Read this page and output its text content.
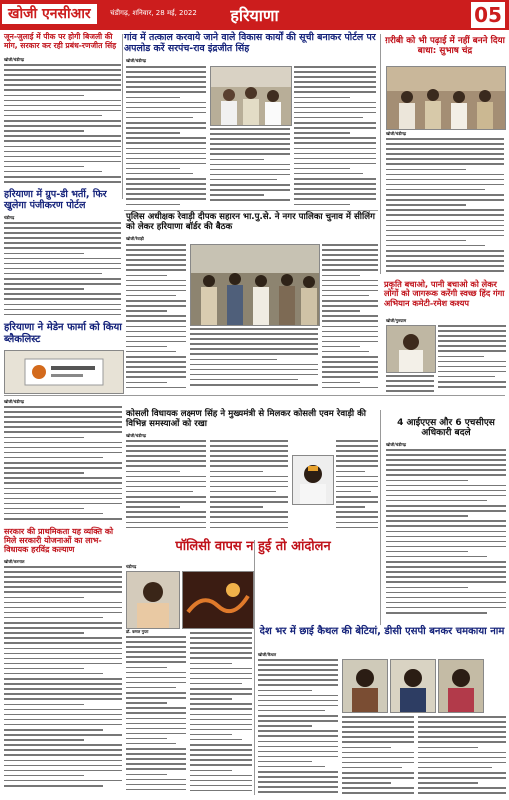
खोजी एनसीआर	चंडीगढ़, शनिवार, 28 मई, 2022	हरियाणा	05
जून-जुलाई में पीक पर होगी बिजली की मांग, सरकार कर रही प्रबंध-रणजीत सिंह
खोजी/चंडीगढ़
गांव में तत्काल करवाये जाने वाले विकास कार्यों की सूची बनाकर पोर्टल पर अपलोड करें सरपंच-राव इंद्रजीत सिंह
खोजी/चंडीगढ़
ग़रीबी को भी पढ़ाई में नहीं बनने दिया बाधा: सुभाष चंद्र
खोजी/चंडीगढ़
हरियाणा में ग्रुप-डी भर्ती, फिर खुलेगा पंजीकरण पोर्टल
चंडीगढ़	पुलिस अधीक्षक रेवाड़ी दीपक सहारन भा.पु.से. ने नगर पालिका चुनाव में सीलिंग को लेकर हरियाणा बॉर्डर की बैठक
खोजी/रेवाड़ी
प्रकृति बचाओ, पानी बचाओ को लेकर लोगों को जागरूक करेंगी स्वच्छ हिंद गंगा अभियान कमेटी-रमेश कश्यप
खोजी/गुरुग्राम
हरियाणा ने मेडेन फार्मा को किया ब्लैकलिस्ट
खोजी/चंडीगढ़
कोसली विधायक लक्ष्मण सिंह ने मुख्यमंत्री से मिलकर कोसली एवम रेवाड़ी की विभिन्न समस्याओं को रखा
खोजी/चंडीगढ़
4 आईएएस और 6 एचसीएस अधिकारी बदले
खोजी/चंडीगढ़
सरकार की प्राथमिकता यह व्यक्ति को मिले सरकारी योजनाओं का लाभ- विधायक हरविंद्र कल्याण
खोजी/करनाल
पॉलिसी वापस न हुई तो आंदोलन
चंडीगढ़
डॉ. कमल गुप्ता	देश भर में छाई कैथल की बेटियां, डीसी एसपी बनकर चमकाया नाम
खोजी/कैथल
